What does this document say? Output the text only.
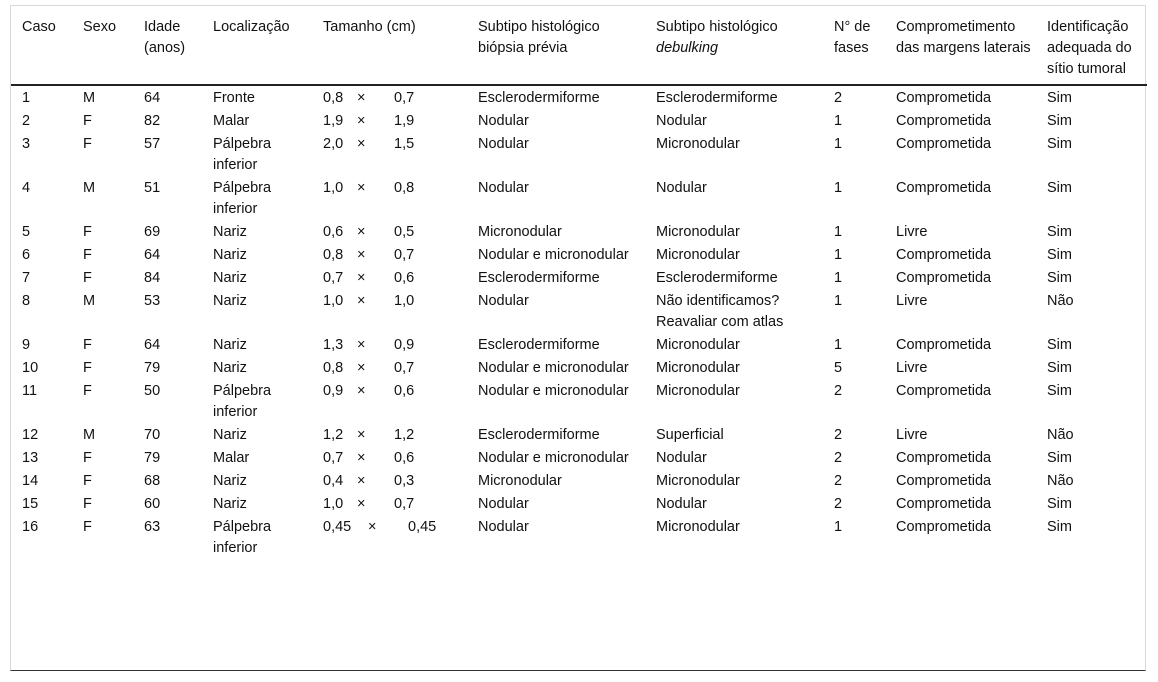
Caso	Sexo	Idade (anos)	Localização	Tamanho (cm)	Subtipo histológico biópsia prévia	Subtipo histológico debulking	N° de fases	Comprometimento das margens laterais	Identificação adequada do sítio tumoral
1	M	64	Fronte	0,8 × 0,7	Esclerodermiforme	Esclerodermiforme	2	Comprometida	Sim
2	F	82	Malar	1,9 × 1,9	Nodular	Nodular	1	Comprometida	Sim
3	F	57	Pálpebra inferior	2,0 × 1,5	Nodular	Micronodular	1	Comprometida	Sim
4	M	51	Pálpebra inferior	1,0 × 0,8	Nodular	Nodular	1	Comprometida	Sim
5	F	69	Nariz	0,6 × 0,5	Micronodular	Micronodular	1	Livre	Sim
6	F	64	Nariz	0,8 × 0,7	Nodular e micronodular	Micronodular	1	Comprometida	Sim
7	F	84	Nariz	0,7 × 0,6	Esclerodermiforme	Esclerodermiforme	1	Comprometida	Sim
8	M	53	Nariz	1,0 × 1,0	Nodular	Não identificamos? Reavaliar com atlas	1	Livre	Não
9	F	64	Nariz	1,3 × 0,9	Esclerodermiforme	Micronodular	1	Comprometida	Sim
10	F	79	Nariz	0,8 × 0,7	Nodular e micronodular	Micronodular	5	Livre	Sim
11	F	50	Pálpebra inferior	0,9 × 0,6	Nodular e micronodular	Micronodular	2	Comprometida	Sim
12	M	70	Nariz	1,2 × 1,2	Esclerodermiforme	Superficial	2	Livre	Não
13	F	79	Malar	0,7 × 0,6	Nodular e micronodular	Nodular	2	Comprometida	Sim
14	F	68	Nariz	0,4 × 0,3	Micronodular	Micronodular	2	Comprometida	Não
15	F	60	Nariz	1,0 × 0,7	Nodular	Nodular	2	Comprometida	Sim
16	F	63	Pálpebra inferior	0,45 × 0,45	Nodular	Micronodular	1	Comprometida	Sim
